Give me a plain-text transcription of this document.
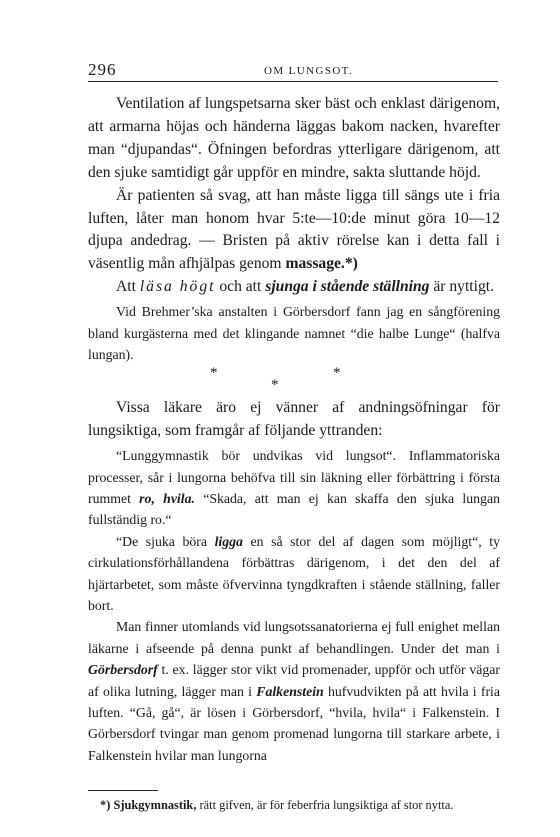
296	OM LUNGSOT.

Ventilation af lungspetsarna sker bäst och enklast därigenom, att armarna höjas och händerna läggas bakom nacken, hvarefter man “djupandas“. Öfningen befordras ytterligare därigenom, att den sjuke samtidigt går uppför en mindre, sakta sluttande höjd.

Är patienten så svag, att han måste ligga till sängs ute i fria luften, låter man honom hvar 5:te—10:de minut göra 10—12 djupa andedrag. — Bristen på aktiv rörelse kan i detta fall i väsentlig mån afhjälpas genom massage.*)

Att läsa högt och att sjunga i stående ställning är nyttigt.

Vid Brehmer’ska anstalten i Görbersdorf fann jag en sångförening bland kurgästerna med det klingande namnet “die halbe Lunge“ (halfva lungan).

*	*
*

Vissa läkare äro ej vänner af andningsöfningar för lungsiktiga, som framgår af följande yttranden:

“Lunggymnastik bör undvikas vid lungsot“. Inflammatoriska processer, sår i lungorna behöfva till sin läkning eller förbättring i första rummet ro, hvila. “Skada, att man ej kan skaffa den sjuka lungan fullständig ro.“

“De sjuka böra ligga en så stor del af dagen som möjligt“, ty cirkulationsförhållandena förbättras därigenom, i det den del af hjärtarbetet, som måste öfvervinna tyngdkraften i stående ställning, faller bort.

Man finner utomlands vid lungsotssanatorierna ej full enighet mellan läkarne i afseende på denna punkt af behandlingen. Under det man i Görbersdorf t. ex. lägger stor vikt vid promenader, uppför och utför vägar af olika lutning, lägger man i Falkenstein hufvudvikten på att hvila i fria luften. “Gå, gå“, är lösen i Görbersdorf, “hvila, hvila“ i Falkenstein. I Görbersdorf tvingar man genom promenad lungorna till starkare arbete, i Falkenstein hvilar man lungorna

*) Sjukgymnastik, rätt gifven, är för feberfria lungsiktiga af stor nytta.
